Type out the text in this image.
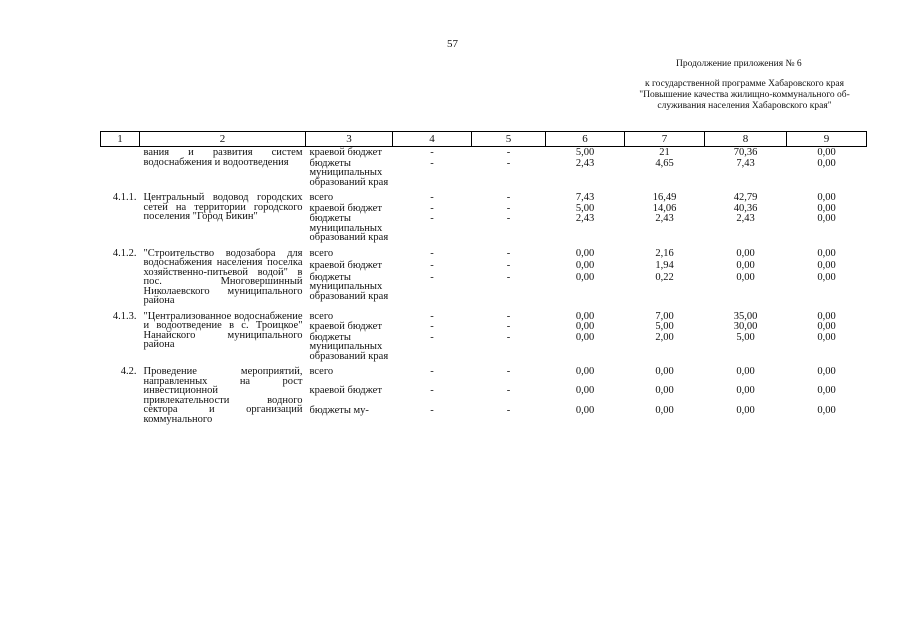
57
Продолжение приложения № 6
к государственной программе Хабаровского края
"Повышение качества жилищно-коммунального об-
служивания населения Хабаровского края"
1	2	3	4	5	6	7	8	9
	вания и развития систем водоснабжения и водоотведения	краевой бюджет	-	-	5,00	21	70,36	0,00
		бюджеты муниципальных образований края	-	-	2,43	4,65	7,43	0,00

4.1.1.	Центральный водовод городских сетей на территории городского поселения "Город Бикин"	всего	-	-	7,43	16,49	42,79	0,00
		краевой бюджет	-	-	5,00	14,06	40,36	0,00
		бюджеты муниципальных образований края	-	-	2,43	2,43	2,43	0,00

4.1.2.	"Строительство водозабора для водоснабжения населения поселка хозяйственно-питьевой водой" в пос. Многовершинный Николаевского муниципального района	всего	-	-	0,00	2,16	0,00	0,00
		краевой бюджет	-	-	0,00	1,94	0,00	0,00
		бюджеты муниципальных образований края	-	-	0,00	0,22	0,00	0,00

4.1.3.	"Централизованное водоснабжение и водоотведение в с. Троицкое" Нанайского муниципального района	всего	-	-	0,00	7,00	35,00	0,00
		краевой бюджет	-	-	0,00	5,00	30,00	0,00
		бюджеты муниципальных образований края	-	-	0,00	2,00	5,00	0,00

4.2.	Проведение мероприятий, направленных на рост инвестиционной привлекательности водного сектора и организаций коммунального	всего	-	-	0,00	0,00	0,00	0,00
		краевой бюджет	-	-	0,00	0,00	0,00	0,00
		бюджеты му-	-	-	0,00	0,00	0,00	0,00
